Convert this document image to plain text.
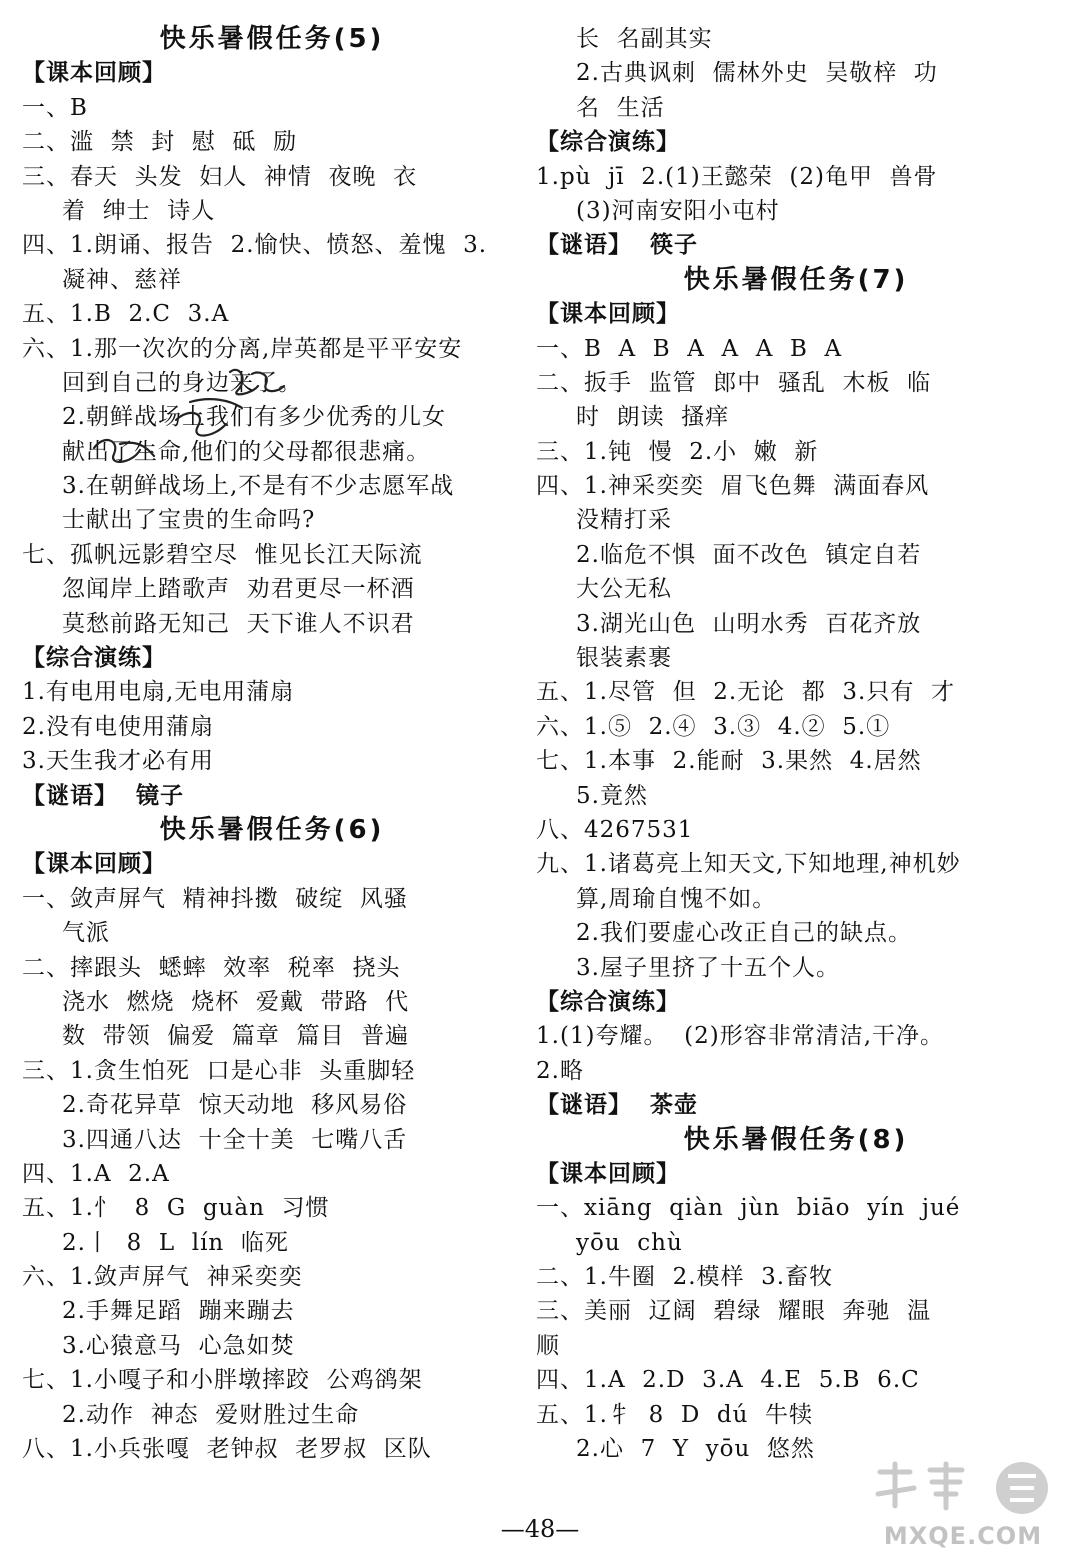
快乐暑假任务(5)
【课本回顾】
一、B
二、滥  禁  封  慰  砥  励
三、春天  头发  妇人  神情  夜晚  衣
着  绅士  诗人
四、1.朗诵、报告  2.愉快、愤怒、羞愧  3.
凝神、慈祥
五、1.B  2.C  3.A
六、1.那一次次的分离,岸英都是平平安安
回到自己的身边来了。
2.朝鲜战场上我们有多少优秀的儿女
献出了生命,他们的父母都很悲痛。
3.在朝鲜战场上,不是有不少志愿军战
士献出了宝贵的生命吗?
七、孤帆远影碧空尽  惟见长江天际流
忽闻岸上踏歌声  劝君更尽一杯酒
莫愁前路无知己  天下谁人不识君
【综合演练】
1.有电用电扇,无电用蒲扇
2.没有电使用蒲扇
3.天生我才必有用
【谜语】  镜子
快乐暑假任务(6)
【课本回顾】
一、敛声屏气  精神抖擞  破绽  风骚
气派
二、摔跟头  蟋蟀  效率  税率  挠头
浇水  燃烧  烧杯  爱戴  带路  代
数  带领  偏爱  篇章  篇目  普遍
三、1.贪生怕死  口是心非  头重脚轻
2.奇花异草  惊天动地  移风易俗
3.四通八达  十全十美  七嘴八舌
四、1.A  2.A
五、1.忄  8  G  guàn  习惯
2.丨  8  L  lín  临死
六、1.敛声屏气  神采奕奕
2.手舞足蹈  蹦来蹦去
3.心猿意马  心急如焚
七、1.小嘎子和小胖墩摔跤  公鸡鹆架
2.动作  神态  爱财胜过生命
八、1.小兵张嘎  老钟叔  老罗叔  区队
长  名副其实
2.古典讽刺  儒林外史  吴敬梓  功
名  生活
【综合演练】
1.pù  jī  2.(1)王懿荣  (2)龟甲  兽骨
(3)河南安阳小屯村
【谜语】  筷子
快乐暑假任务(7)
【课本回顾】
一、B  A  B  A  A  A  B  A
二、扳手  监管  郎中  骚乱  木板  临
时  朗读  搔痒
三、1.钝  慢  2.小  嫩  新
四、1.神采奕奕  眉飞色舞  满面春风
没精打采
2.临危不惧  面不改色  镇定自若
大公无私
3.湖光山色  山明水秀  百花齐放
银装素裹
五、1.尽管  但  2.无论  都  3.只有  才
六、1.⑤  2.④  3.③  4.②  5.①
七、1.本事  2.能耐  3.果然  4.居然
5.竟然
八、4267531
九、1.诸葛亮上知天文,下知地理,神机妙
算,周瑜自愧不如。
2.我们要虚心改正自己的缺点。
3.屋子里挤了十五个人。
【综合演练】
1.(1)夸耀。  (2)形容非常清洁,干净。
2.略
【谜语】  茶壶
快乐暑假任务(8)
【课本回顾】
一、xiāng  qiàn  jùn  biāo  yín  jué
yōu  chù
二、1.牛圈  2.模样  3.畜牧
三、美丽  辽阔  碧绿  耀眼  奔驰  温
顺
四、1.A  2.D  3.A  4.E  5.B  6.C
五、1.牜  8  D  dú  牛犊
2.心  7  Y  yōu  悠然
—48—	MXQE.COM
